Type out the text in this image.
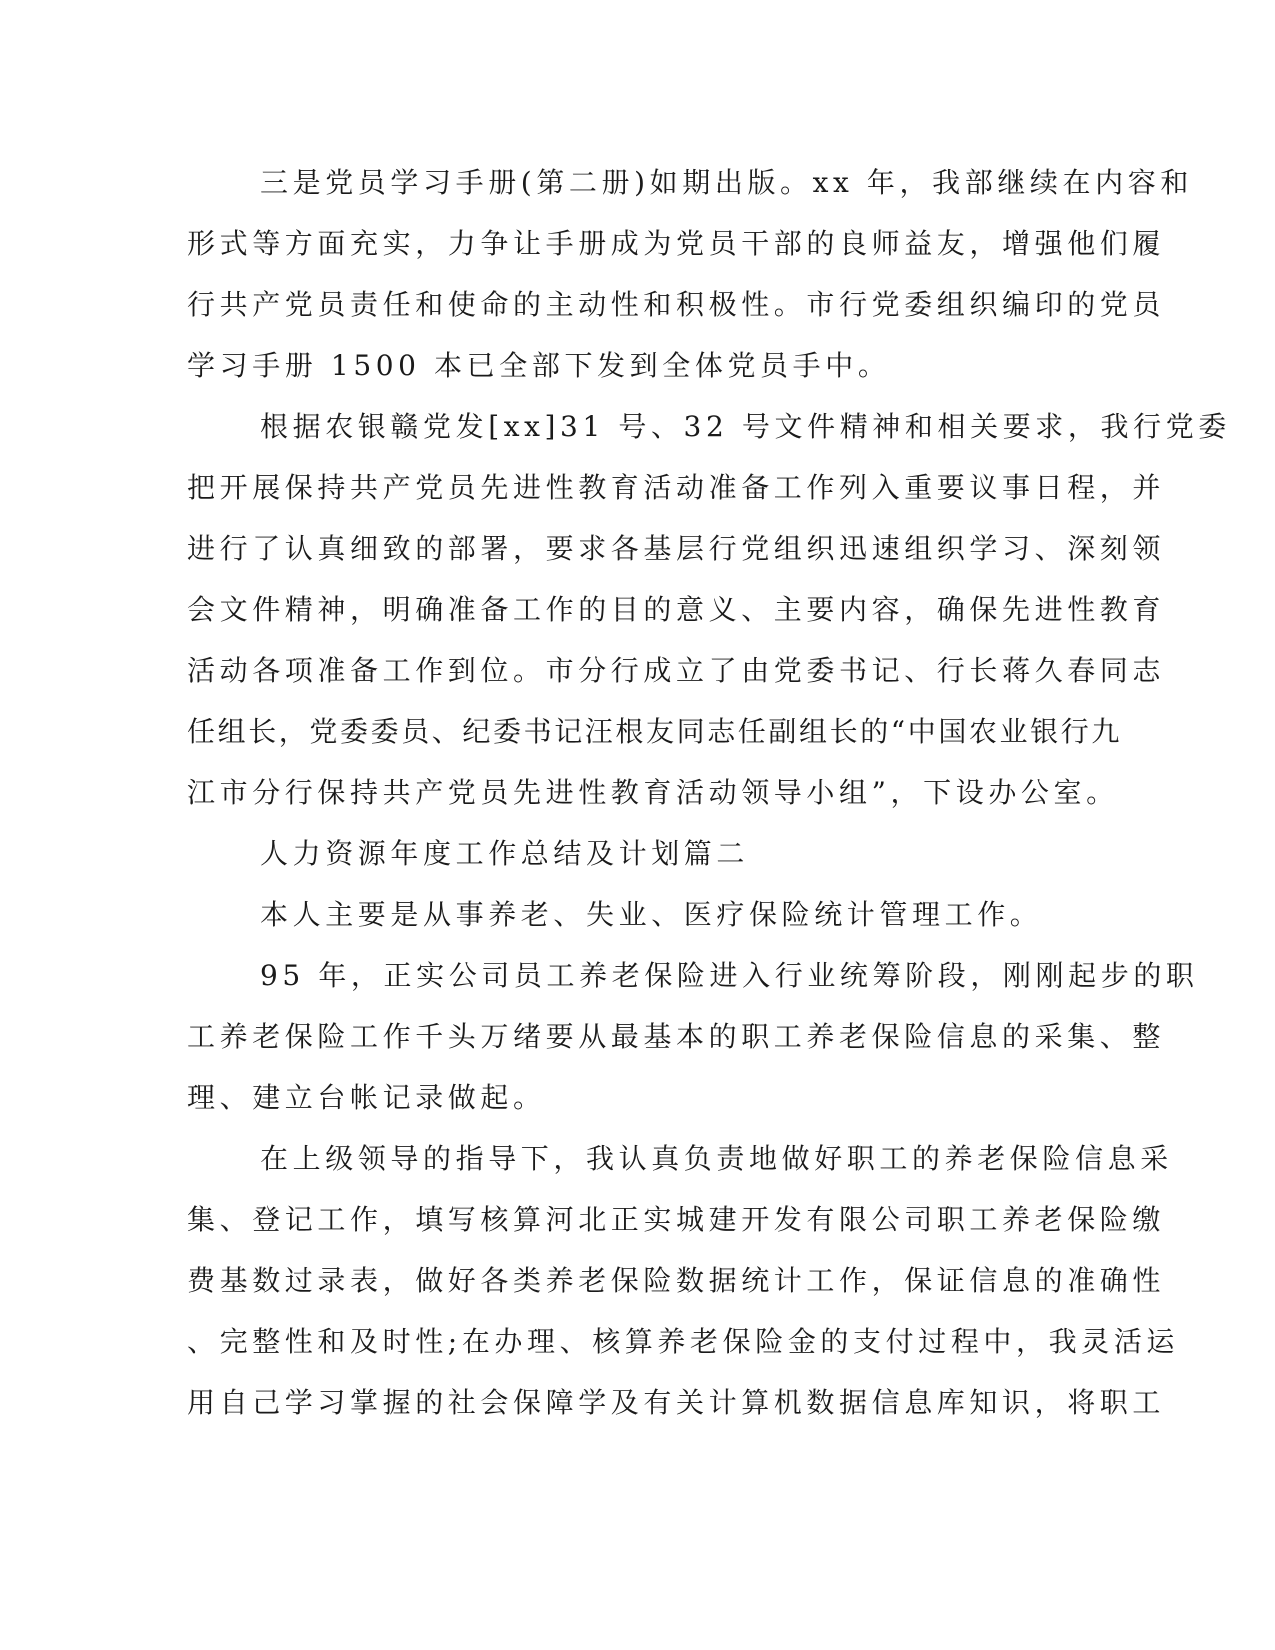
三是党员学习手册(第二册)如期出版。xx 年，我部继续在内容和
形式等方面充实，力争让手册成为党员干部的良师益友，增强他们履
行共产党员责任和使命的主动性和积极性。市行党委组织编印的党员
学习手册 1500 本已全部下发到全体党员手中。
根据农银赣党发[xx]31 号、32 号文件精神和相关要求，我行党委
把开展保持共产党员先进性教育活动准备工作列入重要议事日程，并
进行了认真细致的部署，要求各基层行党组织迅速组织学习、深刻领
会文件精神，明确准备工作的目的意义、主要内容，确保先进性教育
活动各项准备工作到位。市分行成立了由党委书记、行长蒋久春同志
任组长，党委委员、纪委书记汪根友同志任副组长的“中国农业银行九
江市分行保持共产党员先进性教育活动领导小组”，下设办公室。
人力资源年度工作总结及计划篇二
本人主要是从事养老、失业、医疗保险统计管理工作。
95 年，正实公司员工养老保险进入行业统筹阶段，刚刚起步的职
工养老保险工作千头万绪要从最基本的职工养老保险信息的采集、整
理、建立台帐记录做起。
在上级领导的指导下，我认真负责地做好职工的养老保险信息采
集、登记工作，填写核算河北正实城建开发有限公司职工养老保险缴
费基数过录表，做好各类养老保险数据统计工作，保证信息的准确性
、完整性和及时性;在办理、核算养老保险金的支付过程中，我灵活运
用自己学习掌握的社会保障学及有关计算机数据信息库知识，将职工
